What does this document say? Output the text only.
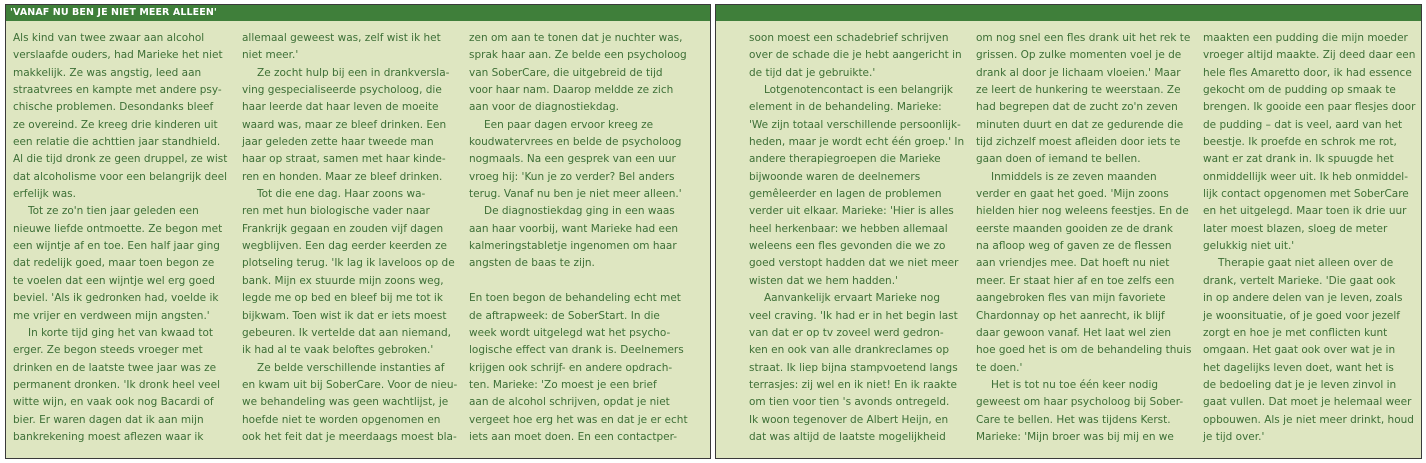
'VANAF NU BEN JE NIET MEER ALLEEN'
Als kind van twee zwaar aan alcohol
verslaafde ouders, had Marieke het niet
makkelijk. Ze was angstig, leed aan
straatvrees en kampte met andere psy-
chische problemen. Desondanks bleef
ze overeind. Ze kreeg drie kinderen uit
een relatie die achttien jaar standhield.
Al die tijd dronk ze geen druppel, ze wist
dat alcoholisme voor een belangrijk deel
erfelijk was.
Tot ze zo'n tien jaar geleden een
nieuwe liefde ontmoette. Ze begon met
een wijntje af en toe. Een half jaar ging
dat redelijk goed, maar toen begon ze
te voelen dat een wijntje wel erg goed
beviel. 'Als ik gedronken had, voelde ik
me vrijer en verdween mijn angsten.'
In korte tijd ging het van kwaad tot
erger. Ze begon steeds vroeger met
drinken en de laatste twee jaar was ze
permanent dronken. 'Ik dronk heel veel
witte wijn, en vaak ook nog Bacardi of
bier. Er waren dagen dat ik aan mijn
bankrekening moest aflezen waar ik
allemaal geweest was, zelf wist ik het
niet meer.'
Ze zocht hulp bij een in drankversla-
ving gespecialiseerde psycholoog, die
haar leerde dat haar leven de moeite
waard was, maar ze bleef drinken. Een
jaar geleden zette haar tweede man
haar op straat, samen met haar kinde-
ren en honden. Maar ze bleef drinken.
Tot die ene dag. Haar zoons wa-
ren met hun biologische vader naar
Frankrijk gegaan en zouden vijf dagen
wegblijven. Een dag eerder keerden ze
plotseling terug. 'Ik lag ik laveloos op de
bank. Mijn ex stuurde mijn zoons weg,
legde me op bed en bleef bij me tot ik
bijkwam. Toen wist ik dat er iets moest
gebeuren. Ik vertelde dat aan niemand,
ik had al te vaak beloftes gebroken.'
Ze belde verschillende instanties af
en kwam uit bij SoberCare. Voor de nieu-
we behandeling was geen wachtlijst, je
hoefde niet te worden opgenomen en
ook het feit dat je meerdaags moest bla-
zen om aan te tonen dat je nuchter was,
sprak haar aan. Ze belde een psycholoog
van SoberCare, die uitgebreid de tijd
voor haar nam. Daarop meldde ze zich
aan voor de diagnostiekdag.
Een paar dagen ervoor kreeg ze
koudwatervrees en belde de psycholoog
nogmaals. Na een gesprek van een uur
vroeg hij: 'Kun je zo verder? Bel anders
terug. Vanaf nu ben je niet meer alleen.'
De diagnostiekdag ging in een waas
aan haar voorbij, want Marieke had een
kalmeringstabletje ingenomen om haar
angsten de baas te zijn.
En toen begon de behandeling echt met
de aftrapweek: de SoberStart. In die
week wordt uitgelegd wat het psycho-
logische effect van drank is. Deelnemers
krijgen ook schrijf- en andere opdrach-
ten. Marieke: 'Zo moest je een brief
aan de alcohol schrijven, opdat je niet
vergeet hoe erg het was en dat je er echt
iets aan moet doen. En een contactper-
soon moest een schadebrief schrijven
over de schade die je hebt aangericht in
de tijd dat je gebruikte.'
Lotgenotencontact is een belangrijk
element in de behandeling. Marieke:
'We zijn totaal verschillende persoonlijk-
heden, maar je wordt echt één groep.' In
andere therapiegroepen die Marieke
bijwoonde waren de deelnemers
gemêleerder en lagen de problemen
verder uit elkaar. Marieke: 'Hier is alles
heel herkenbaar: we hebben allemaal
weleens een fles gevonden die we zo
goed verstopt hadden dat we niet meer
wisten dat we hem hadden.'
Aanvankelijk ervaart Marieke nog
veel craving. 'Ik had er in het begin last
van dat er op tv zoveel werd gedron-
ken en ook van alle drankreclames op
straat. Ik liep bijna stampvoetend langs
terrasjes: zij wel en ik niet! En ik raakte
om tien voor tien 's avonds ontregeld.
Ik woon tegenover de Albert Heijn, en
dat was altijd de laatste mogelijkheid
om nog snel een fles drank uit het rek te
grissen. Op zulke momenten voel je de
drank al door je lichaam vloeien.' Maar
ze leert de hunkering te weerstaan. Ze
had begrepen dat de zucht zo'n zeven
minuten duurt en dat ze gedurende die
tijd zichzelf moest afleiden door iets te
gaan doen of iemand te bellen.
Inmiddels is ze zeven maanden
verder en gaat het goed. 'Mijn zoons
hielden hier nog weleens feestjes. En de
eerste maanden gooiden ze de drank
na afloop weg of gaven ze de flessen
aan vriendjes mee. Dat hoeft nu niet
meer. Er staat hier af en toe zelfs een
aangebroken fles van mijn favoriete
Chardonnay op het aanrecht, ik blijf
daar gewoon vanaf. Het laat wel zien
hoe goed het is om de behandeling thuis
te doen.'
Het is tot nu toe één keer nodig
geweest om haar psycholoog bij Sober-
Care te bellen. Het was tijdens Kerst.
Marieke: 'Mijn broer was bij mij en we
maakten een pudding die mijn moeder
vroeger altijd maakte. Zij deed daar een
hele fles Amaretto door, ik had essence
gekocht om de pudding op smaak te
brengen. Ik gooide een paar flesjes door
de pudding – dat is veel, aard van het
beestje. Ik proefde en schrok me rot,
want er zat drank in. Ik spuugde het
onmiddellijk weer uit. Ik heb onmiddel-
lijk contact opgenomen met SoberCare
en het uitgelegd. Maar toen ik drie uur
later moest blazen, sloeg de meter
gelukkig niet uit.'
Therapie gaat niet alleen over de
drank, vertelt Marieke. 'Die gaat ook
in op andere delen van je leven, zoals
je woonsituatie, of je goed voor jezelf
zorgt en hoe je met conflicten kunt
omgaan. Het gaat ook over wat je in
het dagelijks leven doet, want het is
de bedoeling dat je je leven zinvol in
gaat vullen. Dat moet je helemaal weer
opbouwen. Als je niet meer drinkt, houd
je tijd over.'
